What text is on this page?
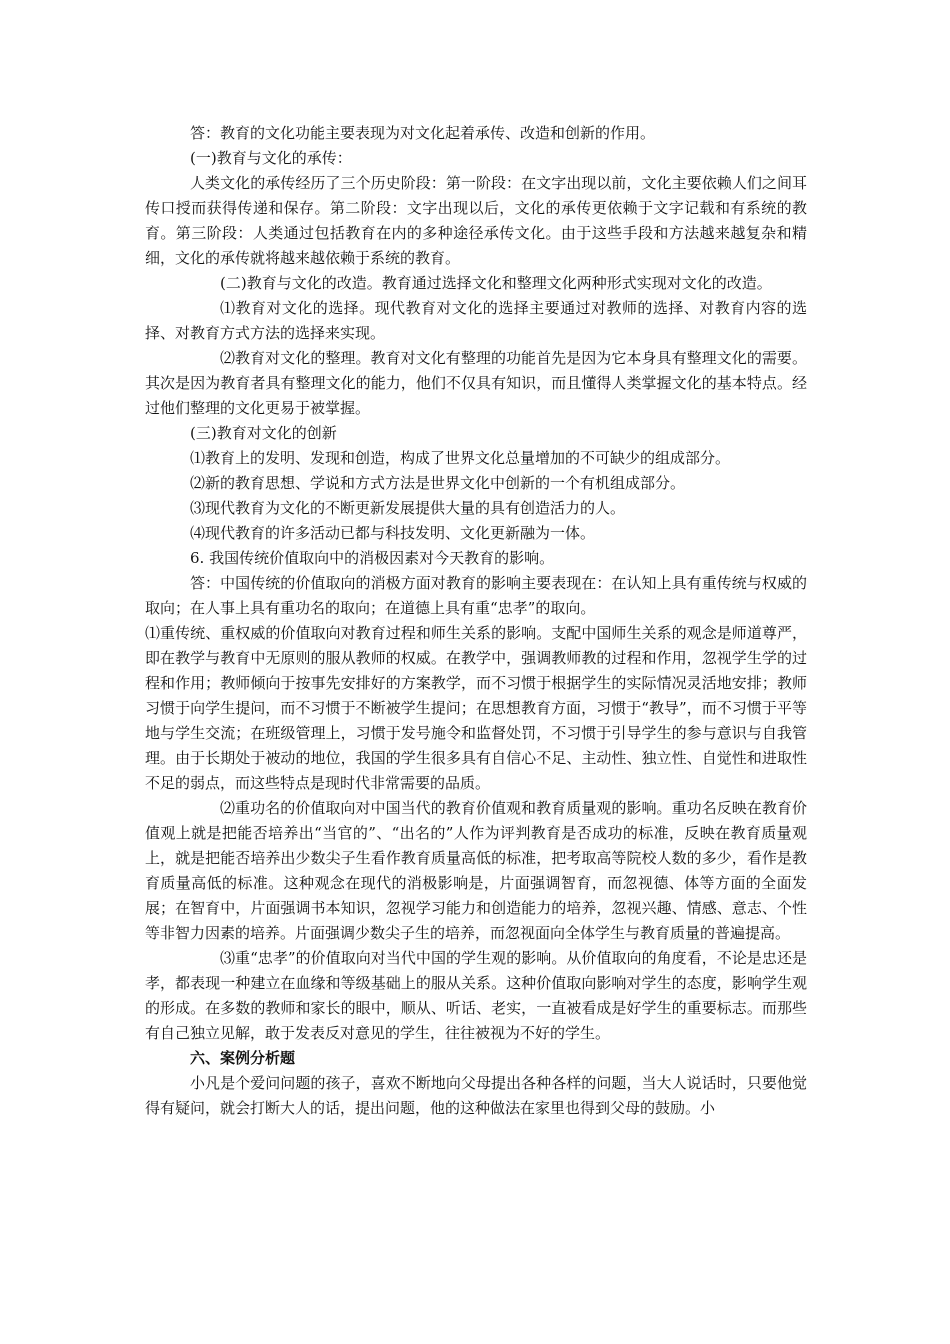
答：教育的文化功能主要表现为对文化起着承传、改造和创新的作用。

(一)教育与文化的承传：

人类文化的承传经历了三个历史阶段：第一阶段：在文字出现以前，文化主要依赖人们之间耳传口授而获得传递和保存。第二阶段：文字出现以后，文化的承传更依赖于文字记载和有系统的教育。第三阶段：人类通过包括教育在内的多种途径承传文化。由于这些手段和方法越来越复杂和精细，文化的承传就将越来越依赖于系统的教育。

(二)教育与文化的改造。教育通过选择文化和整理文化两种形式实现对文化的改造。

⑴教育对文化的选择。现代教育对文化的选择主要通过对教师的选择、对教育内容的选择、对教育方式方法的选择来实现。

⑵教育对文化的整理。教育对文化有整理的功能首先是因为它本身具有整理文化的需要。其次是因为教育者具有整理文化的能力，他们不仅具有知识，而且懂得人类掌握文化的基本特点。经过他们整理的文化更易于被掌握。

(三)教育对文化的创新

⑴教育上的发明、发现和创造，构成了世界文化总量增加的不可缺少的组成部分。

⑵新的教育思想、学说和方式方法是世界文化中创新的一个有机组成部分。

⑶现代教育为文化的不断更新发展提供大量的具有创造活力的人。

⑷现代教育的许多活动已都与科技发明、文化更新融为一体。

6. 我国传统价值取向中的消极因素对今天教育的影响。

答：中国传统的价值取向的消极方面对教育的影响主要表现在：在认知上具有重传统与权威的取向；在人事上具有重功名的取向；在道德上具有重“忠孝”的取向。

⑴重传统、重权威的价值取向对教育过程和师生关系的影响。支配中国师生关系的观念是师道尊严，即在教学与教育中无原则的服从教师的权威。在教学中，强调教师教的过程和作用，忽视学生学的过程和作用；教师倾向于按事先安排好的方案教学，而不习惯于根据学生的实际情况灵活地安排；教师习惯于向学生提问，而不习惯于不断被学生提问；在思想教育方面，习惯于“教导”，而不习惯于平等地与学生交流；在班级管理上，习惯于发号施令和监督处罚，不习惯于引导学生的参与意识与自我管理。由于长期处于被动的地位，我国的学生很多具有自信心不足、主动性、独立性、自觉性和进取性不足的弱点，而这些特点是现时代非常需要的品质。

⑵重功名的价值取向对中国当代的教育价值观和教育质量观的影响。重功名反映在教育价值观上就是把能否培养出“当官的”、“出名的”人作为评判教育是否成功的标准，反映在教育质量观上，就是把能否培养出少数尖子生看作教育质量高低的标准，把考取高等院校人数的多少，看作是教育质量高低的标准。这种观念在现代的消极影响是，片面强调智育，而忽视德、体等方面的全面发展；在智育中，片面强调书本知识，忽视学习能力和创造能力的培养，忽视兴趣、情感、意志、个性等非智力因素的培养。片面强调少数尖子生的培养，而忽视面向全体学生与教育质量的普遍提高。

⑶重“忠孝”的价值取向对当代中国的学生观的影响。从价值取向的角度看，不论是忠还是孝，都表现一种建立在血缘和等级基础上的服从关系。这种价值取向影响对学生的态度，影响学生观的形成。在多数的教师和家长的眼中，顺从、听话、老实，一直被看成是好学生的重要标志。而那些有自己独立见解，敢于发表反对意见的学生，往往被视为不好的学生。

六、案例分析题

小凡是个爱问问题的孩子，喜欢不断地向父母提出各种各样的问题，当大人说话时，只要他觉得有疑问，就会打断大人的话，提出问题，他的这种做法在家里也得到父母的鼓励。小
